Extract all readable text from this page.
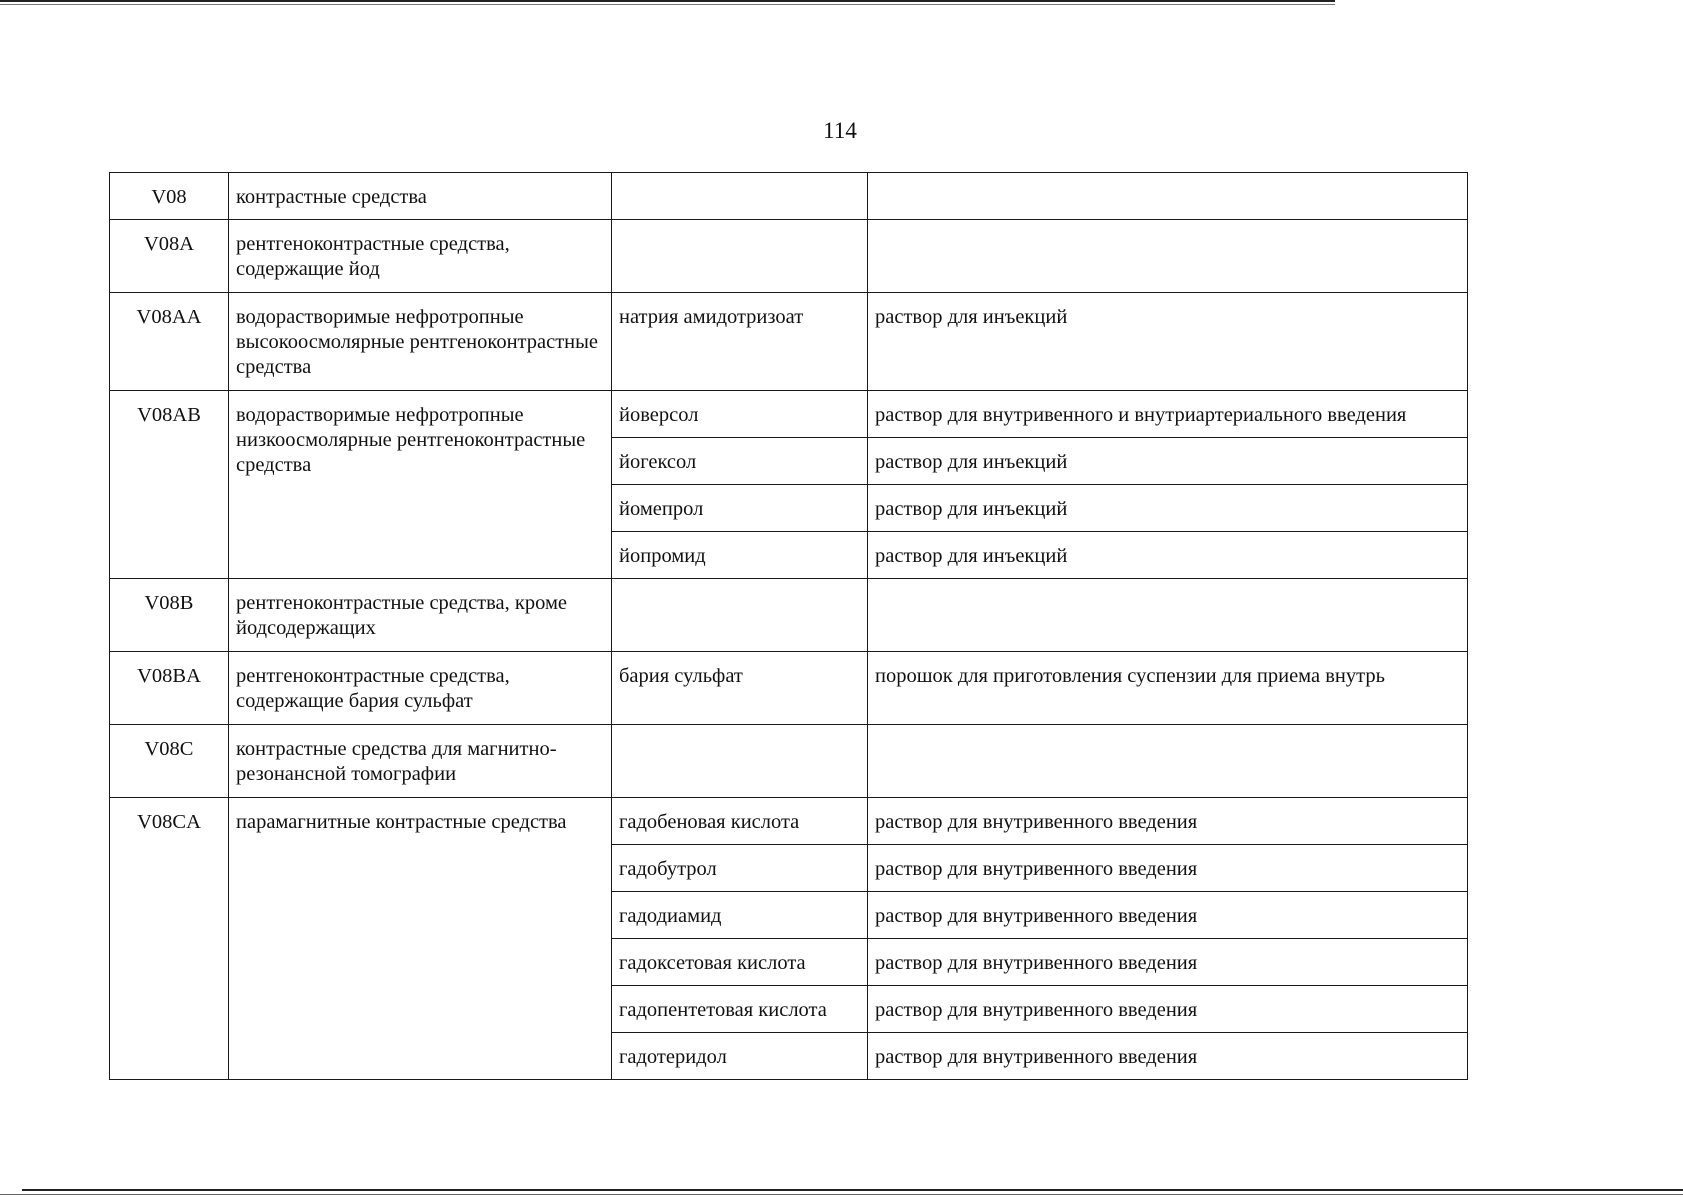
114
V08	контрастные средства		
V08A	рентгеноконтрастные средства, содержащие йод		
V08AA	водорастворимые нефротропные высокоосмолярные рентгеноконтрастные средства	натрия амидотризоат	раствор для инъекций
V08AB	водорастворимые нефротропные низкоосмолярные рентгеноконтрастные средства	йоверсол	раствор для внутривенного и внутриартериального введения
		йогексол	раствор для инъекций
		йомепрол	раствор для инъекций
		йопромид	раствор для инъекций
V08B	рентгеноконтрастные средства, кроме йодсодержащих		
V08BA	рентгеноконтрастные средства, содержащие бария сульфат	бария сульфат	порошок для приготовления суспензии для приема внутрь
V08C	контрастные средства для магнитно-резонансной томографии		
V08CA	парамагнитные контрастные средства	гадобеновая кислота	раствор для внутривенного введения
		гадобутрол	раствор для внутривенного введения
		гадодиамид	раствор для внутривенного введения
		гадоксетовая кислота	раствор для внутривенного введения
		гадопентетовая кислота	раствор для внутривенного введения
		гадотеридол	раствор для внутривенного введения
